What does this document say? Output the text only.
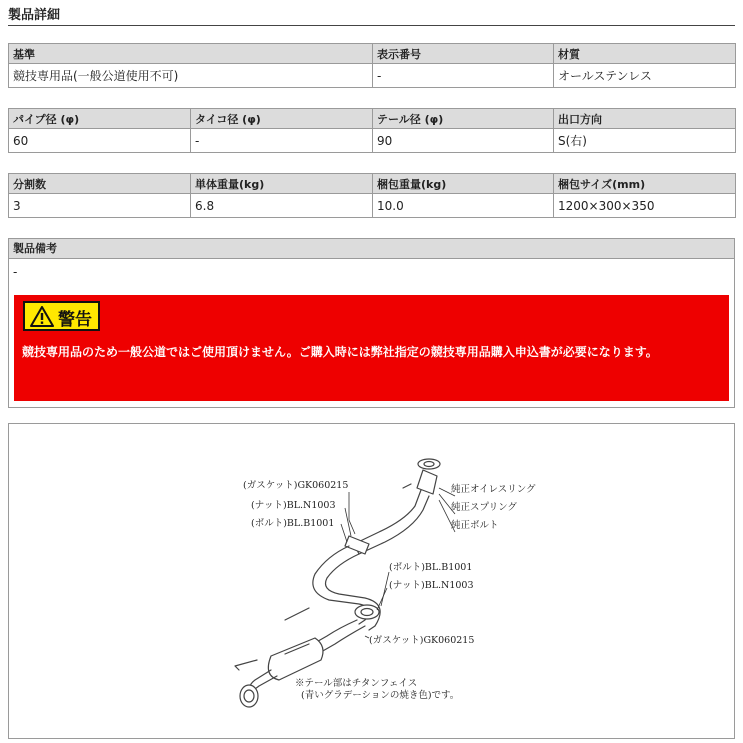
製品詳細
基準	表示番号	材質
競技専用品(一般公道使用不可)	-	オールステンレス
パイプ径 (φ)	タイコ径 (φ)	テール径 (φ)	出口方向
60	-	90	S(右)
分割数	単体重量(kg)	梱包重量(kg)	梱包サイズ(mm)
3	6.8	10.0	1200×300×350
製品備考
-
警告
競技専用品のため一般公道ではご使用頂けません。ご購入時には弊社指定の競技専用品購入申込書が必要になります。
(ガスケット)GK060215
(ナット)BL.N1003
(ボルト)BL.B1001
純正オイレスリング
純正スプリング
純正ボルト
(ボルト)BL.B1001
(ナット)BL.N1003
(ガスケット)GK060215
※テール部はチタンフェイス
(青いグラデーションの焼き色)です。
